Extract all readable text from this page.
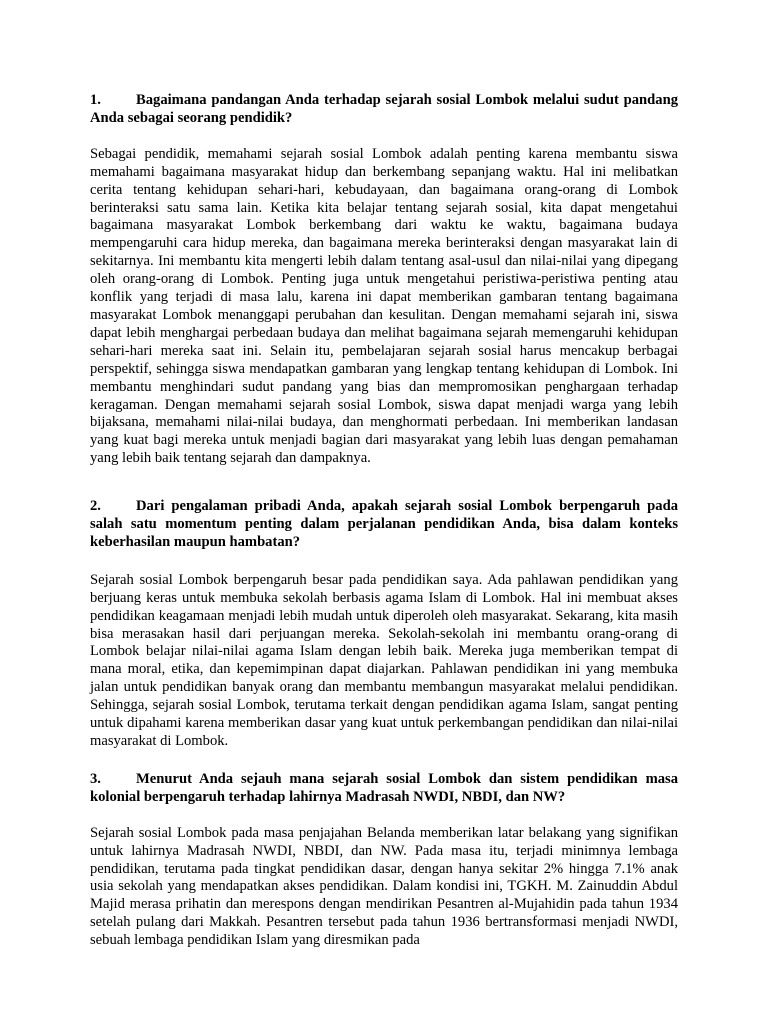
1. Bagaimana pandangan Anda terhadap sejarah sosial Lombok melalui sudut pandang Anda sebagai seorang pendidik?

Sebagai pendidik, memahami sejarah sosial Lombok adalah penting karena membantu siswa memahami bagaimana masyarakat hidup dan berkembang sepanjang waktu. Hal ini melibatkan cerita tentang kehidupan sehari-hari, kebudayaan, dan bagaimana orang-orang di Lombok berinteraksi satu sama lain. Ketika kita belajar tentang sejarah sosial, kita dapat mengetahui bagaimana masyarakat Lombok berkembang dari waktu ke waktu, bagaimana budaya mempengaruhi cara hidup mereka, dan bagaimana mereka berinteraksi dengan masyarakat lain di sekitarnya. Ini membantu kita mengerti lebih dalam tentang asal-usul dan nilai-nilai yang dipegang oleh orang-orang di Lombok. Penting juga untuk mengetahui peristiwa-peristiwa penting atau konflik yang terjadi di masa lalu, karena ini dapat memberikan gambaran tentang bagaimana masyarakat Lombok menanggapi perubahan dan kesulitan. Dengan memahami sejarah ini, siswa dapat lebih menghargai perbedaan budaya dan melihat bagaimana sejarah memengaruhi kehidupan sehari-hari mereka saat ini. Selain itu, pembelajaran sejarah sosial harus mencakup berbagai perspektif, sehingga siswa mendapatkan gambaran yang lengkap tentang kehidupan di Lombok. Ini membantu menghindari sudut pandang yang bias dan mempromosikan penghargaan terhadap keragaman. Dengan memahami sejarah sosial Lombok, siswa dapat menjadi warga yang lebih bijaksana, memahami nilai-nilai budaya, dan menghormati perbedaan. Ini memberikan landasan yang kuat bagi mereka untuk menjadi bagian dari masyarakat yang lebih luas dengan pemahaman yang lebih baik tentang sejarah dan dampaknya.

2. Dari pengalaman pribadi Anda, apakah sejarah sosial Lombok berpengaruh pada salah satu momentum penting dalam perjalanan pendidikan Anda, bisa dalam konteks keberhasilan maupun hambatan?

Sejarah sosial Lombok berpengaruh besar pada pendidikan saya. Ada pahlawan pendidikan yang berjuang keras untuk membuka sekolah berbasis agama Islam di Lombok. Hal ini membuat akses pendidikan keagamaan menjadi lebih mudah untuk diperoleh oleh masyarakat. Sekarang, kita masih bisa merasakan hasil dari perjuangan mereka. Sekolah-sekolah ini membantu orang-orang di Lombok belajar nilai-nilai agama Islam dengan lebih baik. Mereka juga memberikan tempat di mana moral, etika, dan kepemimpinan dapat diajarkan. Pahlawan pendidikan ini yang membuka jalan untuk pendidikan banyak orang dan membantu membangun masyarakat melalui pendidikan. Sehingga, sejarah sosial Lombok, terutama terkait dengan pendidikan agama Islam, sangat penting untuk dipahami karena memberikan dasar yang kuat untuk perkembangan pendidikan dan nilai-nilai masyarakat di Lombok.

3. Menurut Anda sejauh mana sejarah sosial Lombok dan sistem pendidikan masa kolonial berpengaruh terhadap lahirnya Madrasah NWDI, NBDI, dan NW?

Sejarah sosial Lombok pada masa penjajahan Belanda memberikan latar belakang yang signifikan untuk lahirnya Madrasah NWDI, NBDI, dan NW. Pada masa itu, terjadi minimnya lembaga pendidikan, terutama pada tingkat pendidikan dasar, dengan hanya sekitar 2% hingga 7.1% anak usia sekolah yang mendapatkan akses pendidikan. Dalam kondisi ini, TGKH. M. Zainuddin Abdul Majid merasa prihatin dan merespons dengan mendirikan Pesantren al-Mujahidin pada tahun 1934 setelah pulang dari Makkah. Pesantren tersebut pada tahun 1936 bertransformasi menjadi NWDI, sebuah lembaga pendidikan Islam yang diresmikan pada
